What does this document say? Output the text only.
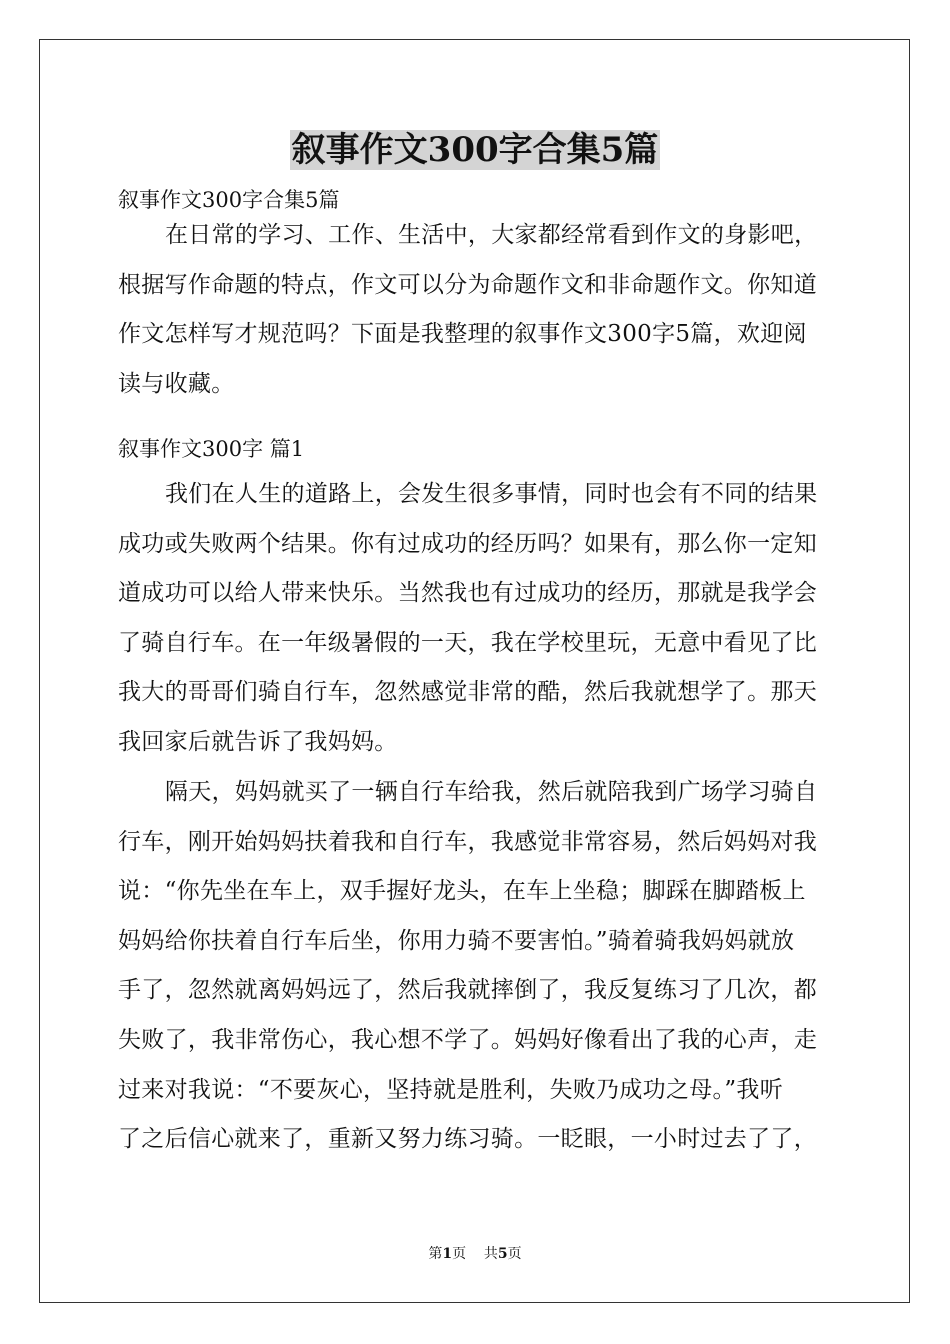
叙事作文300字合集5篇
叙事作文300字合集5篇
在日常的学习、工作、生活中，大家都经常看到作文的身影吧，
根据写作命题的特点，作文可以分为命题作文和非命题作文。你知道
作文怎样写才规范吗？下面是我整理的叙事作文300字5篇，欢迎阅
读与收藏。
叙事作文300字 篇1
我们在人生的道路上，会发生很多事情，同时也会有不同的结果
成功或失败两个结果。你有过成功的经历吗？如果有，那么你一定知
道成功可以给人带来快乐。当然我也有过成功的经历，那就是我学会
了骑自行车。在一年级暑假的一天，我在学校里玩，无意中看见了比
我大的哥哥们骑自行车，忽然感觉非常的酷，然后我就想学了。那天
我回家后就告诉了我妈妈。
隔天，妈妈就买了一辆自行车给我，然后就陪我到广场学习骑自
行车，刚开始妈妈扶着我和自行车，我感觉非常容易，然后妈妈对我
说：“你先坐在车上，双手握好龙头，在车上坐稳；脚踩在脚踏板上
妈妈给你扶着自行车后坐，你用力骑不要害怕。”骑着骑我妈妈就放
手了，忽然就离妈妈远了，然后我就摔倒了，我反复练习了几次，都
失败了，我非常伤心，我心想不学了。妈妈好像看出了我的心声，走
过来对我说：“不要灰心，坚持就是胜利，失败乃成功之母。”我听
了之后信心就来了，重新又努力练习骑。一眨眼，一小时过去了了，
第1页 共5页
